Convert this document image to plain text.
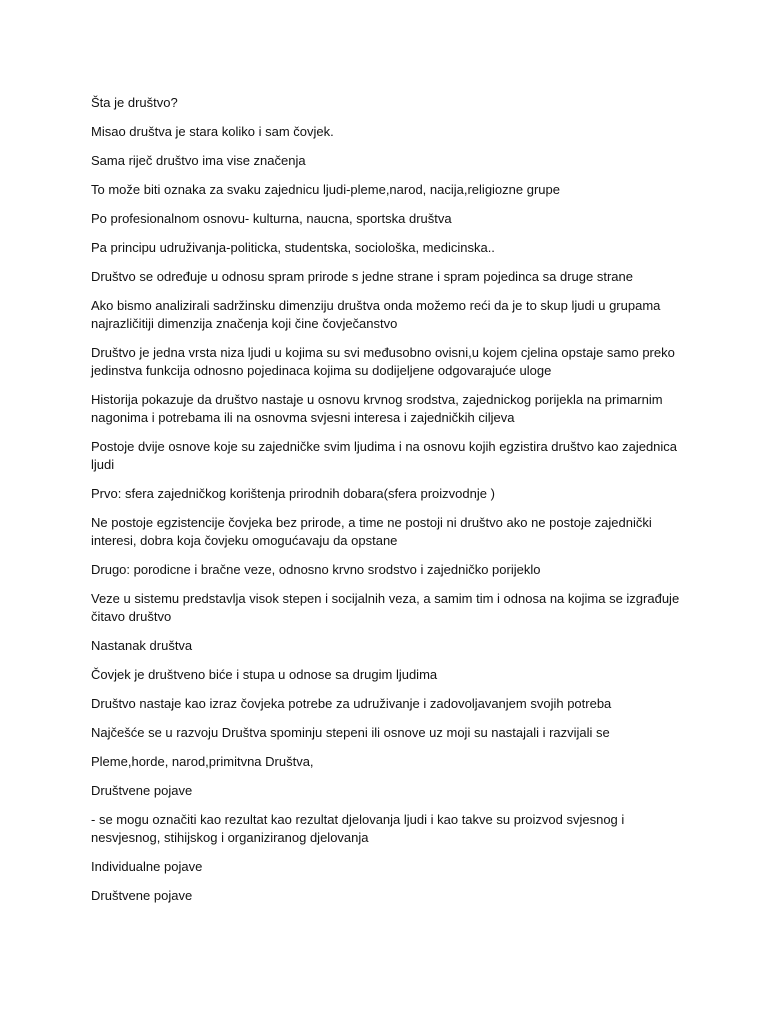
Šta je društvo?

Misao društva je stara koliko i sam čovjek.

Sama riječ društvo ima vise značenja

To može biti oznaka za svaku zajednicu ljudi-pleme,narod, nacija,religiozne grupe

Po profesionalnom osnovu- kulturna, naucna, sportska društva

Pa principu udruživanja-politicka, studentska, sociološka, medicinska..

Društvo se određuje u odnosu spram prirode s jedne strane i spram pojedinca sa druge strane

Ako bismo analizirali sadržinsku dimenziju društva onda možemo reći da je to skup ljudi u grupama najrazličitiji dimenzija značenja koji čine čovječanstvo

Društvo je jedna vrsta niza ljudi u kojima su svi međusobno ovisni,u kojem cjelina opstaje samo preko jedinstva funkcija odnosno pojedinaca kojima su dodijeljene odgovarajuće uloge

Historija pokazuje da društvo nastaje u osnovu krvnog srodstva, zajednickog porijekla na primarnim nagonima i potrebama ili na osnovma svjesni interesa i zajedničkih ciljeva

Postoje dvije osnove koje su zajedničke svim ljudima i na osnovu kojih egzistira društvo kao zajednica ljudi

Prvo: sfera zajedničkog korištenja prirodnih dobara(sfera proizvodnje )

Ne postoje egzistencije čovjeka bez prirode, a time ne postoji ni društvo ako ne postoje zajednički interesi, dobra koja čovjeku omogućavaju da opstane

Drugo: porodicne i bračne veze, odnosno krvno srodstvo i zajedničko porijeklo

Veze u sistemu predstavlja visok stepen i socijalnih veza, a samim tim i odnosa na kojima se izgrađuje čitavo društvo

Nastanak društva

Čovjek je društveno biće i stupa u odnose sa drugim ljudima

Društvo nastaje kao izraz čovjeka potrebe za udruživanje i zadovoljavanjem svojih potreba

Najčešće se u razvoju Društva spominju stepeni ili osnove uz moji su nastajali i razvijali se

Pleme,horde, narod,primitvna Društva,

Društvene pojave

- se mogu označiti kao rezultat kao rezultat djelovanja ljudi i kao takve su proizvod svjesnog i nesvjesnog, stihijskog i organiziranog djelovanja

Individualne pojave

Društvene pojave
